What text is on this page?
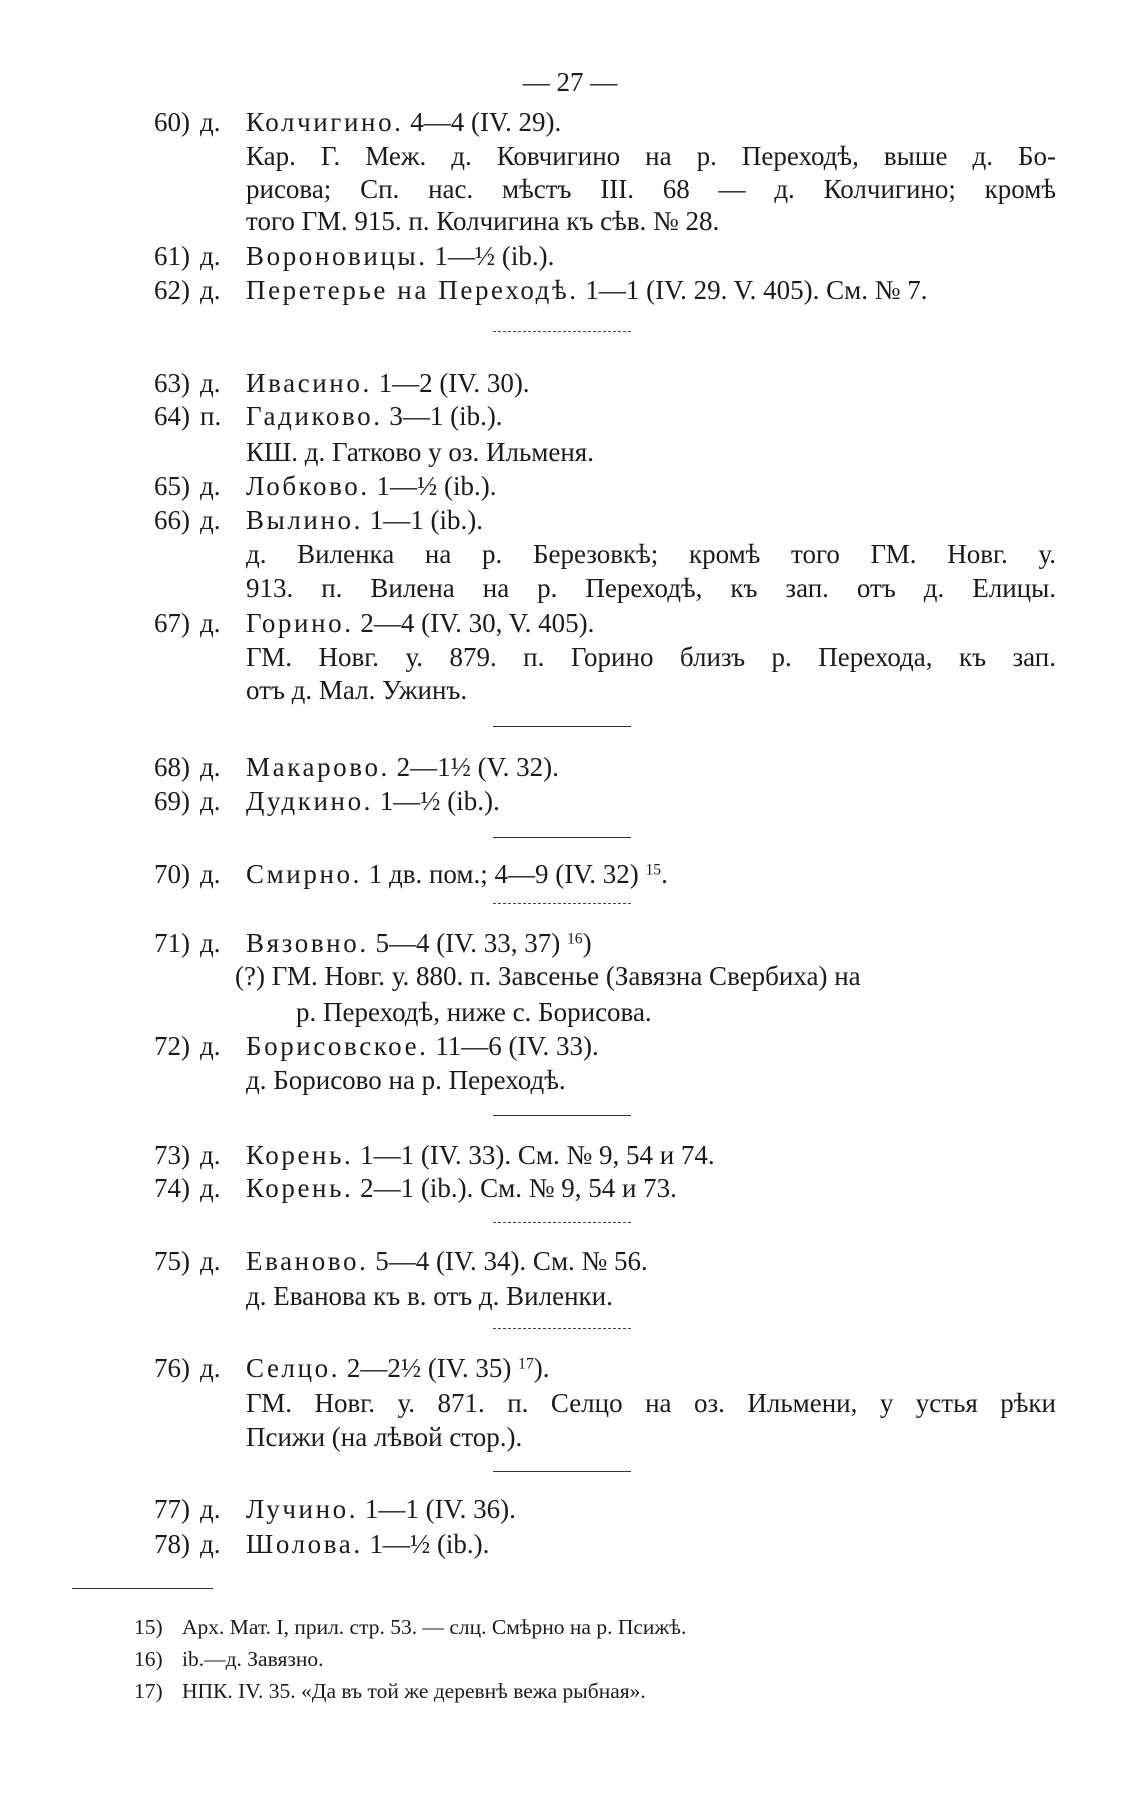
— 27 —
60) д. Колчигино. 4—4 (IV. 29).
Кар. Г. Меж. д. Ковчигино на р. Переходѣ, выше д. Бо-
рисова; Сп. нас. мѣстъ III. 68 — д. Колчигино; кромѣ
того ГМ. 915. п. Колчигина къ сѣв. № 28.
61) д. Вороновицы. 1—½ (ib.).
62) д. Перетерье на Переходѣ. 1—1 (IV. 29. V. 405). См. № 7.
63) д. Ивасино. 1—2 (IV. 30).
64) п. Гадиково. 3—1 (ib.).
КШ. д. Гатково у оз. Ильменя.
65) д. Лобково. 1—½ (ib.).
66) д. Вылино. 1—1 (ib.).
д. Виленка на р. Березовкѣ; кромѣ того ГМ. Новг. у.
913. п. Вилена на р. Переходѣ, къ зап. отъ д. Елицы.
67) д. Горино. 2—4 (IV. 30, V. 405).
ГМ. Новг. у. 879. п. Горино близъ р. Перехода, къ зап.
отъ д. Мал. Ужинъ.
68) д. Макарово. 2—1½ (V. 32).
69) д. Дудкино. 1—½ (ib.).
70) д. Смирно. 1 дв. пом.; 4—9 (IV. 32) $^{15}$.
71) д. Вязовно. 5—4 (IV. 33, 37) $^{16}$)
(?) ГМ. Новг. у. 880. п. Завсенье (Завязна Свербиха) на
р. Переходѣ, ниже с. Борисова.
72) д. Борисовское. 11—6 (IV. 33).
д. Борисово на р. Переходѣ.
73) д. Корень. 1—1 (IV. 33). См. № 9, 54 и 74.
74) д. Корень. 2—1 (ib.). См. № 9, 54 и 73.
75) д. Еваново. 5—4 (IV. 34). См. № 56.
д. Еванова къ в. отъ д. Виленки.
76) д. Селцо. 2—2½ (IV. 35) $^{17}$).
ГМ. Новг. у. 871. п. Селцо на оз. Ильмени, у устья рѣки
Псижи (на лѣвой стор.).
77) д. Лучино. 1—1 (IV. 36).
78) д. Шолова. 1—½ (ib.).
15) Арх. Мат. I, прил. стр. 53. — слц. Смѣрно на р. Псижѣ.
16) ib.—д. Завязно.
17) НПК. IV. 35. «Да въ той же деревнѣ вежа рыбная».
